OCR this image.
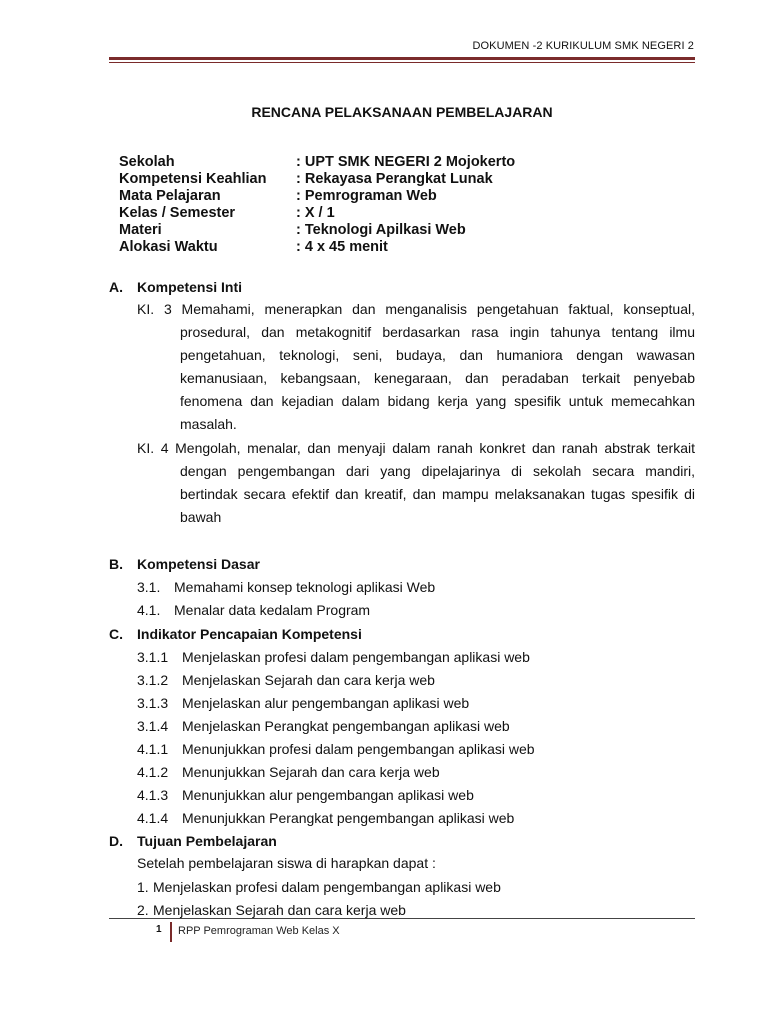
DOKUMEN -2 KURIKULUM SMK NEGERI 2
RENCANA PELAKSANAAN PEMBELAJARAN
Sekolah	: UPT SMK NEGERI 2 Mojokerto
Kompetensi Keahlian	: Rekayasa Perangkat Lunak
Mata Pelajaran	: Pemrograman Web
Kelas / Semester	: X / 1
Materi	: Teknologi Apilkasi Web
Alokasi Waktu	: 4 x 45 menit
A.	Kompetensi Inti
KI. 3 Memahami, menerapkan dan menganalisis pengetahuan faktual, konseptual,
prosedural, dan metakognitif berdasarkan rasa ingin tahunya tentang ilmu
pengetahuan, teknologi, seni, budaya, dan humaniora dengan wawasan
kemanusiaan, kebangsaan, kenegaraan, dan peradaban terkait penyebab
fenomena dan kejadian dalam bidang kerja yang spesifik untuk memecahkan
masalah.
KI. 4 Mengolah, menalar, dan menyaji dalam ranah konkret dan ranah abstrak terkait
dengan pengembangan dari yang dipelajarinya di sekolah secara mandiri,
bertindak secara efektif dan kreatif, dan mampu melaksanakan tugas spesifik di
bawah
B.	Kompetensi Dasar
3.1. Memahami konsep teknologi aplikasi Web
4.1. Menalar data kedalam Program
C.	Indikator Pencapaian Kompetensi
3.1.1 Menjelaskan profesi dalam pengembangan aplikasi web
3.1.2 Menjelaskan Sejarah dan cara kerja web
3.1.3 Menjelaskan alur pengembangan aplikasi web
3.1.4 Menjelaskan Perangkat pengembangan aplikasi web
4.1.1 Menunjukkan profesi dalam pengembangan aplikasi web
4.1.2 Menunjukkan Sejarah dan cara kerja web
4.1.3 Menunjukkan alur pengembangan aplikasi web
4.1.4 Menunjukkan Perangkat pengembangan aplikasi web
D.	Tujuan Pembelajaran
Setelah pembelajaran siswa di harapkan dapat :
1. Menjelaskan profesi dalam pengembangan aplikasi web
2. Menjelaskan Sejarah dan cara kerja web
1 RPP Pemrograman Web Kelas X
